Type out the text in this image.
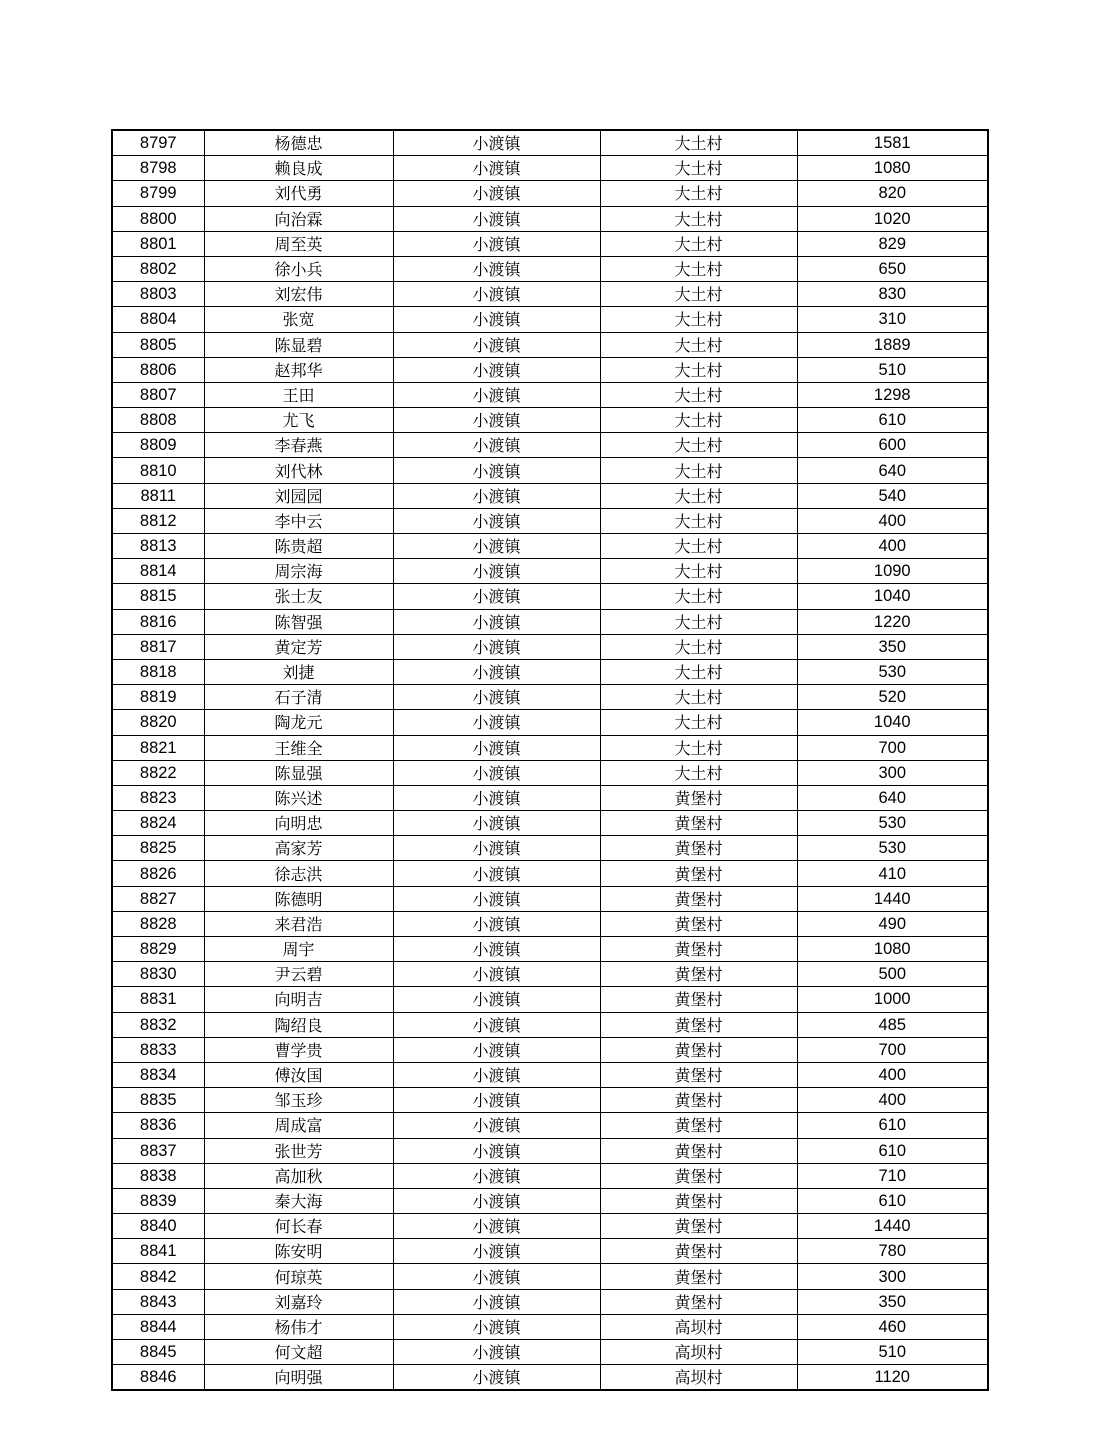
8797	杨德忠	小渡镇	大土村	1581
8798	赖良成	小渡镇	大土村	1080
8799	刘代勇	小渡镇	大土村	820
8800	向治霖	小渡镇	大土村	1020
8801	周至英	小渡镇	大土村	829
8802	徐小兵	小渡镇	大土村	650
8803	刘宏伟	小渡镇	大土村	830
8804	张宽	小渡镇	大土村	310
8805	陈显碧	小渡镇	大土村	1889
8806	赵邦华	小渡镇	大土村	510
8807	王田	小渡镇	大土村	1298
8808	尤飞	小渡镇	大土村	610
8809	李春燕	小渡镇	大土村	600
8810	刘代林	小渡镇	大土村	640
8811	刘园园	小渡镇	大土村	540
8812	李中云	小渡镇	大土村	400
8813	陈贵超	小渡镇	大土村	400
8814	周宗海	小渡镇	大土村	1090
8815	张士友	小渡镇	大土村	1040
8816	陈智强	小渡镇	大土村	1220
8817	黄定芳	小渡镇	大土村	350
8818	刘捷	小渡镇	大土村	530
8819	石子清	小渡镇	大土村	520
8820	陶龙元	小渡镇	大土村	1040
8821	王维全	小渡镇	大土村	700
8822	陈显强	小渡镇	大土村	300
8823	陈兴述	小渡镇	黄堡村	640
8824	向明忠	小渡镇	黄堡村	530
8825	高家芳	小渡镇	黄堡村	530
8826	徐志洪	小渡镇	黄堡村	410
8827	陈德明	小渡镇	黄堡村	1440
8828	来君浩	小渡镇	黄堡村	490
8829	周宇	小渡镇	黄堡村	1080
8830	尹云碧	小渡镇	黄堡村	500
8831	向明吉	小渡镇	黄堡村	1000
8832	陶绍良	小渡镇	黄堡村	485
8833	曹学贵	小渡镇	黄堡村	700
8834	傅汝国	小渡镇	黄堡村	400
8835	邹玉珍	小渡镇	黄堡村	400
8836	周成富	小渡镇	黄堡村	610
8837	张世芳	小渡镇	黄堡村	610
8838	高加秋	小渡镇	黄堡村	710
8839	秦大海	小渡镇	黄堡村	610
8840	何长春	小渡镇	黄堡村	1440
8841	陈安明	小渡镇	黄堡村	780
8842	何琼英	小渡镇	黄堡村	300
8843	刘嘉玲	小渡镇	黄堡村	350
8844	杨伟才	小渡镇	高坝村	460
8845	何文超	小渡镇	高坝村	510
8846	向明强	小渡镇	高坝村	1120
